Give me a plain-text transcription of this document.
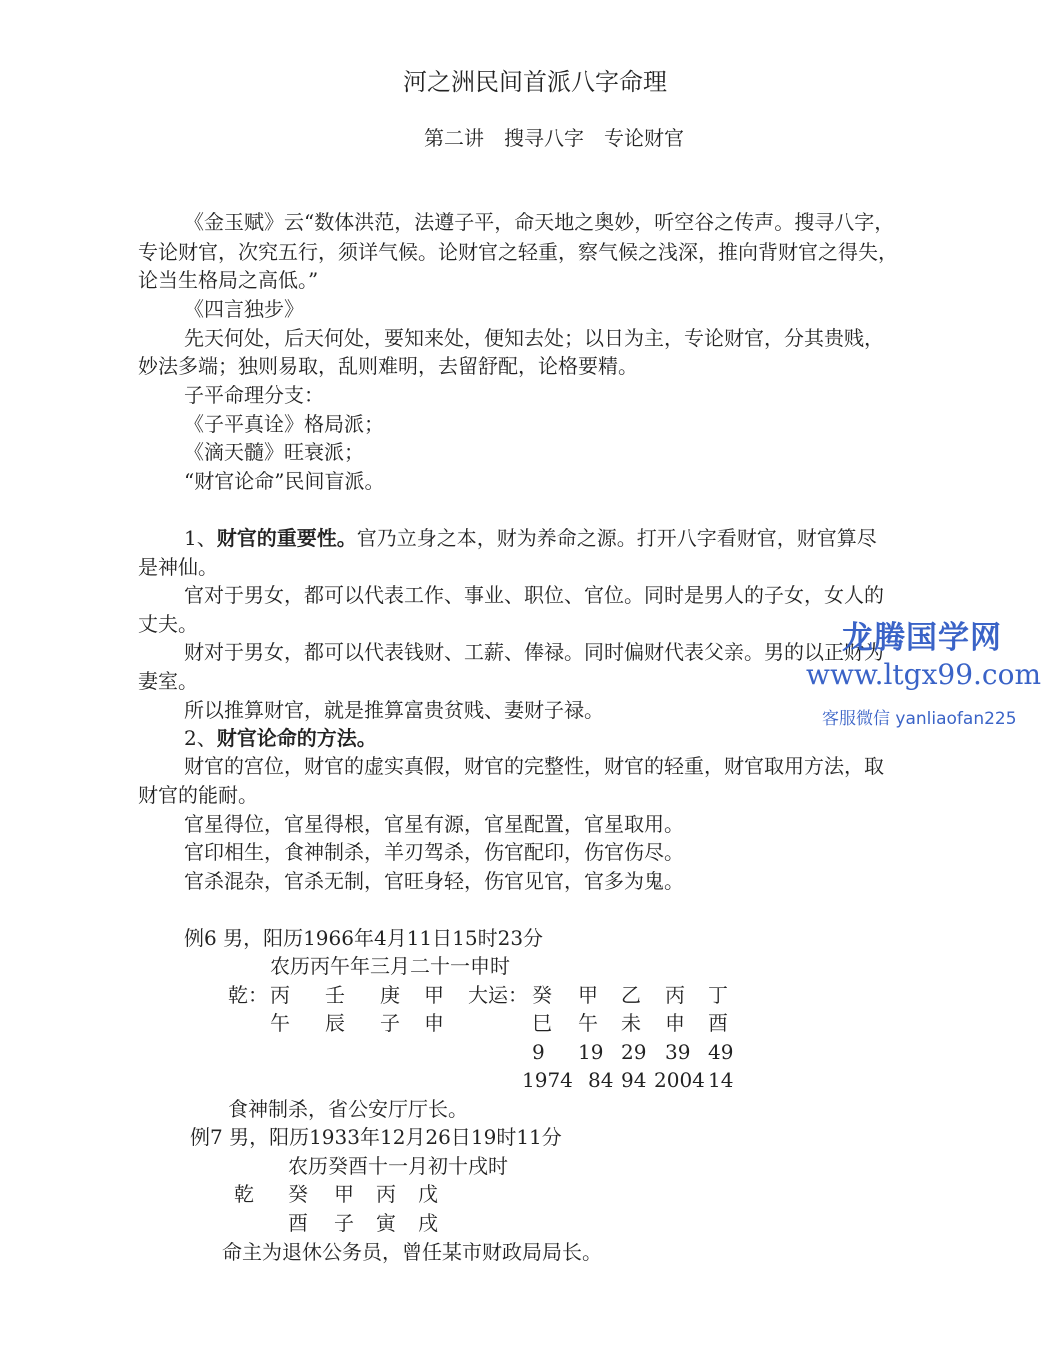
河之洲民间首派八字命理
第二讲　搜寻八字　专论财官
《金玉赋》云“数体洪范，法遵子平，命天地之奥妙，听空谷之传声。搜寻八字，
专论财官，次究五行，须详气候。论财官之轻重，察气候之浅深，推向背财官之得失，
论当生格局之高低。”
《四言独步》
先天何处，后天何处，要知来处，便知去处；以日为主，专论财官，分其贵贱，
妙法多端；独则易取，乱则难明，去留舒配，论格要精。
子平命理分支：
《子平真诠》格局派；
《滴天髓》旺衰派；
“财官论命”民间盲派。
1、财官的重要性。官乃立身之本，财为养命之源。打开八字看财官，财官算尽
是神仙。
官对于男女，都可以代表工作、事业、职位、官位。同时是男人的子女，女人的
丈夫。
财对于男女，都可以代表钱财、工薪、俸禄。同时偏财代表父亲。男的以正财为
妻室。
所以推算财官，就是推算富贵贫贱、妻财子禄。
2、财官论命的方法。
财官的宫位，财官的虚实真假，财官的完整性，财官的轻重，财官取用方法，取
财官的能耐。
官星得位，官星得根，官星有源，官星配置，官星取用。
官印相生，食神制杀，羊刃驾杀，伤官配印，伤官伤尽。
官杀混杂，官杀无制，官旺身轻，伤官见官，官多为鬼。
例6 男，阳历1966年4月11日15时23分
农历丙午年三月二十一申时
乾： 丙 壬 庚 甲 大运： 癸 甲 乙 丙 丁
午 辰 子 申	巳 午 未 申 酉
9 19 29 39 49
1974 84 94 2004 14
食神制杀，省公安厅厅长。
例7 男，阳历1933年12月26日19时11分
农历癸酉十一月初十戌时
乾 癸 甲 丙 戊
酉 子 寅 戌
命主为退休公务员，曾任某市财政局局长。
龙腾国学网
www.ltgx99.com
客服微信 yanliaofan225
